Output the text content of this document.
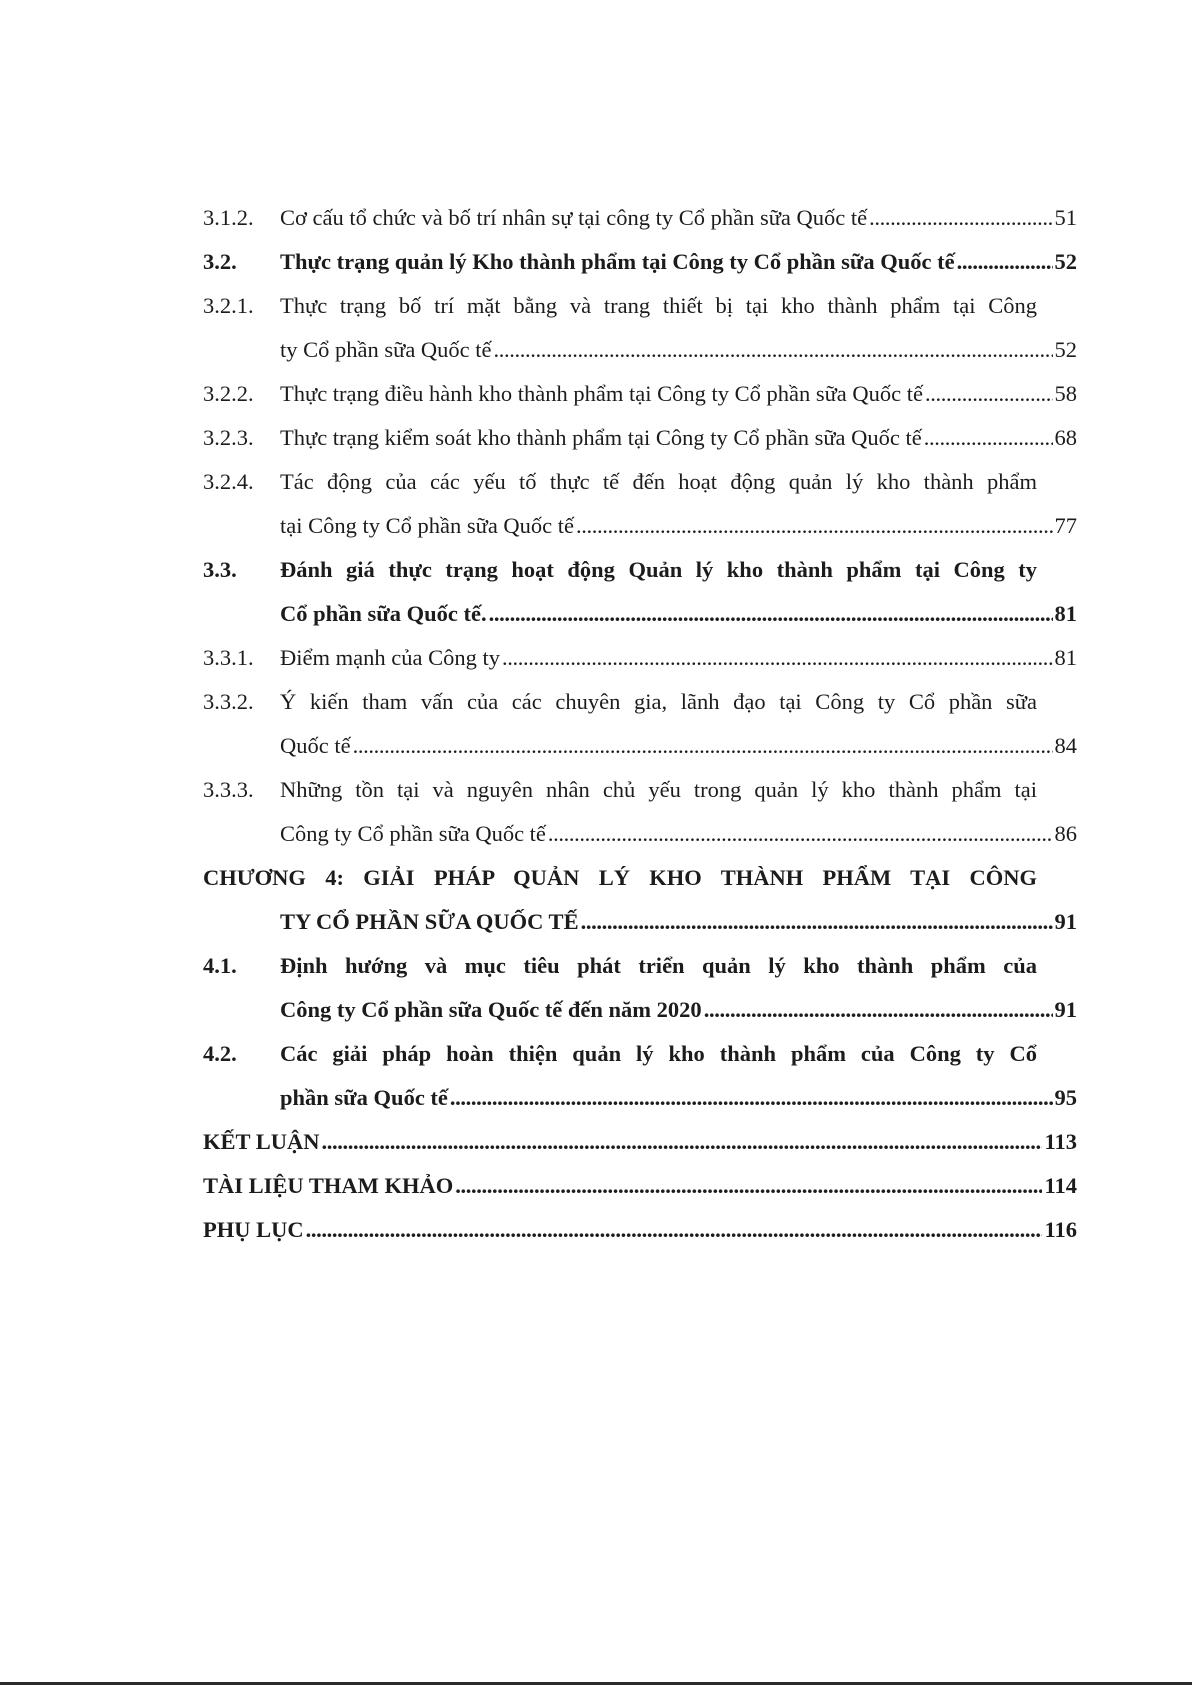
3.1.2. Cơ cấu tổ chức và bố trí nhân sự tại công ty Cổ phần sữa Quốc tế . . .	51
3.2. Thực trạng quản lý Kho thành phẩm tại Công ty Cổ phần sữa Quốc tế . . .	52
3.2.1. Thực trạng bố trí mặt bằng và trang thiết bị tại kho thành phẩm tại Công
ty Cổ phần sữa Quốc tế . . .	52
3.2.2. Thực trạng điều hành kho thành phẩm tại Công ty Cổ phần sữa Quốc tế . . .	58
3.2.3. Thực trạng kiểm soát kho thành phẩm tại Công ty Cổ phần sữa Quốc tế . . .	68
3.2.4. Tác động của các yếu tố thực tế đến hoạt động quản lý kho thành phẩm
tại Công ty Cổ phần sữa Quốc tế . . .	77
3.3. Đánh giá thực trạng hoạt động Quản lý kho thành phẩm tại Công ty
Cổ phần sữa Quốc tế. . . .	81
3.3.1. Điểm mạnh của Công ty . . .	81
3.3.2. Ý kiến tham vấn của các chuyên gia, lãnh đạo tại Công ty Cổ phần sữa
Quốc tế . . .	84
3.3.3. Những tồn tại và nguyên nhân chủ yếu trong quản lý kho thành phẩm tại
Công ty Cổ phần sữa Quốc tế . . .	86
CHƯƠNG 4: GIẢI PHÁP QUẢN LÝ KHO THÀNH PHẨM TẠI CÔNG
TY CỔ PHẦN SỮA QUỐC TẾ . . .	91
4.1. Định hướng và mục tiêu phát triển quản lý kho thành phẩm của
Công ty Cổ phần sữa Quốc tế đến năm 2020 . . .	91
4.2. Các giải pháp hoàn thiện quản lý kho thành phẩm của Công ty Cổ
phần sữa Quốc tế . . .	95
KẾT LUẬN . . .	113
TÀI LIỆU THAM KHẢO . . .	114
PHỤ LỤC . . .	116
